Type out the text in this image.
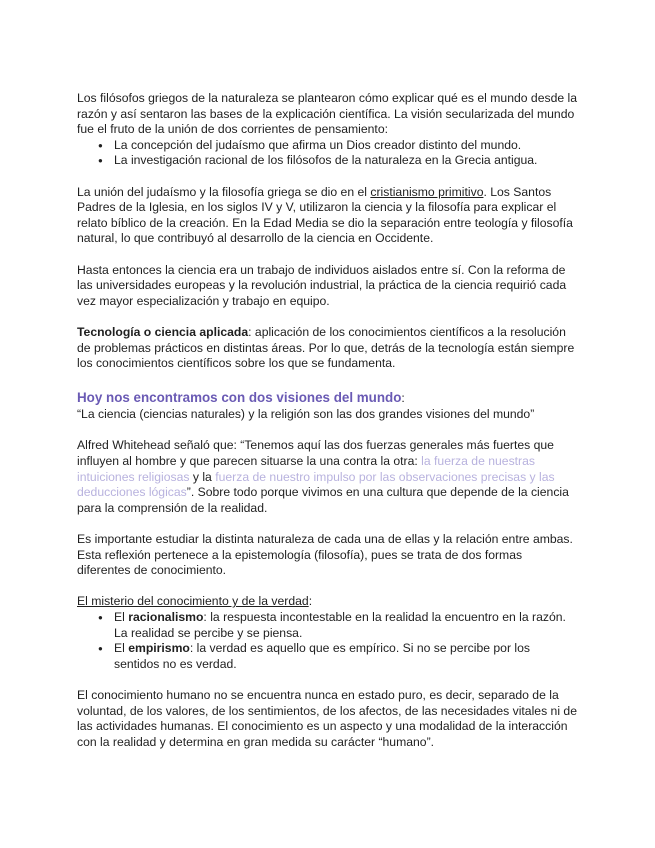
Los filósofos griegos de la naturaleza se plantearon cómo explicar qué es el mundo desde la razón y así sentaron las bases de la explicación científica. La visión secularizada del mundo fue el fruto de la unión de dos corrientes de pensamiento:

● La concepción del judaísmo que afirma un Dios creador distinto del mundo.
● La investigación racional de los filósofos de la naturaleza en la Grecia antigua.

La unión del judaísmo y la filosofía griega se dio en el cristianismo primitivo. Los Santos Padres de la Iglesia, en los siglos IV y V, utilizaron la ciencia y la filosofía para explicar el relato bíblico de la creación. En la Edad Media se dio la separación entre teología y filosofía natural, lo que contribuyó al desarrollo de la ciencia en Occidente.

Hasta entonces la ciencia era un trabajo de individuos aislados entre sí. Con la reforma de las universidades europeas y la revolución industrial, la práctica de la ciencia requirió cada vez mayor especialización y trabajo en equipo.

Tecnología o ciencia aplicada: aplicación de los conocimientos científicos a la resolución de problemas prácticos en distintas áreas. Por lo que, detrás de la tecnología están siempre los conocimientos científicos sobre los que se fundamenta.

Hoy nos encontramos con dos visiones del mundo:

“La ciencia (ciencias naturales) y la religión son las dos grandes visiones del mundo”

Alfred Whitehead señaló que: “Tenemos aquí las dos fuerzas generales más fuertes que influyen al hombre y que parecen situarse la una contra la otra: la fuerza de nuestras intuiciones religiosas y la fuerza de nuestro impulso por las observaciones precisas y las deducciones lógicas”. Sobre todo porque vivimos en una cultura que depende de la ciencia para la comprensión de la realidad.

Es importante estudiar la distinta naturaleza de cada una de ellas y la relación entre ambas. Esta reflexión pertenece a la epistemología (filosofía), pues se trata de dos formas diferentes de conocimiento.

El misterio del conocimiento y de la verdad:

● El racionalismo: la respuesta incontestable en la realidad la encuentro en la razón. La realidad se percibe y se piensa.
● El empirismo: la verdad es aquello que es empírico. Si no se percibe por los sentidos no es verdad.

El conocimiento humano no se encuentra nunca en estado puro, es decir, separado de la voluntad, de los valores, de los sentimientos, de los afectos, de las necesidades vitales ni de las actividades humanas. El conocimiento es un aspecto y una modalidad de la interacción con la realidad y determina en gran medida su carácter “humano”.
